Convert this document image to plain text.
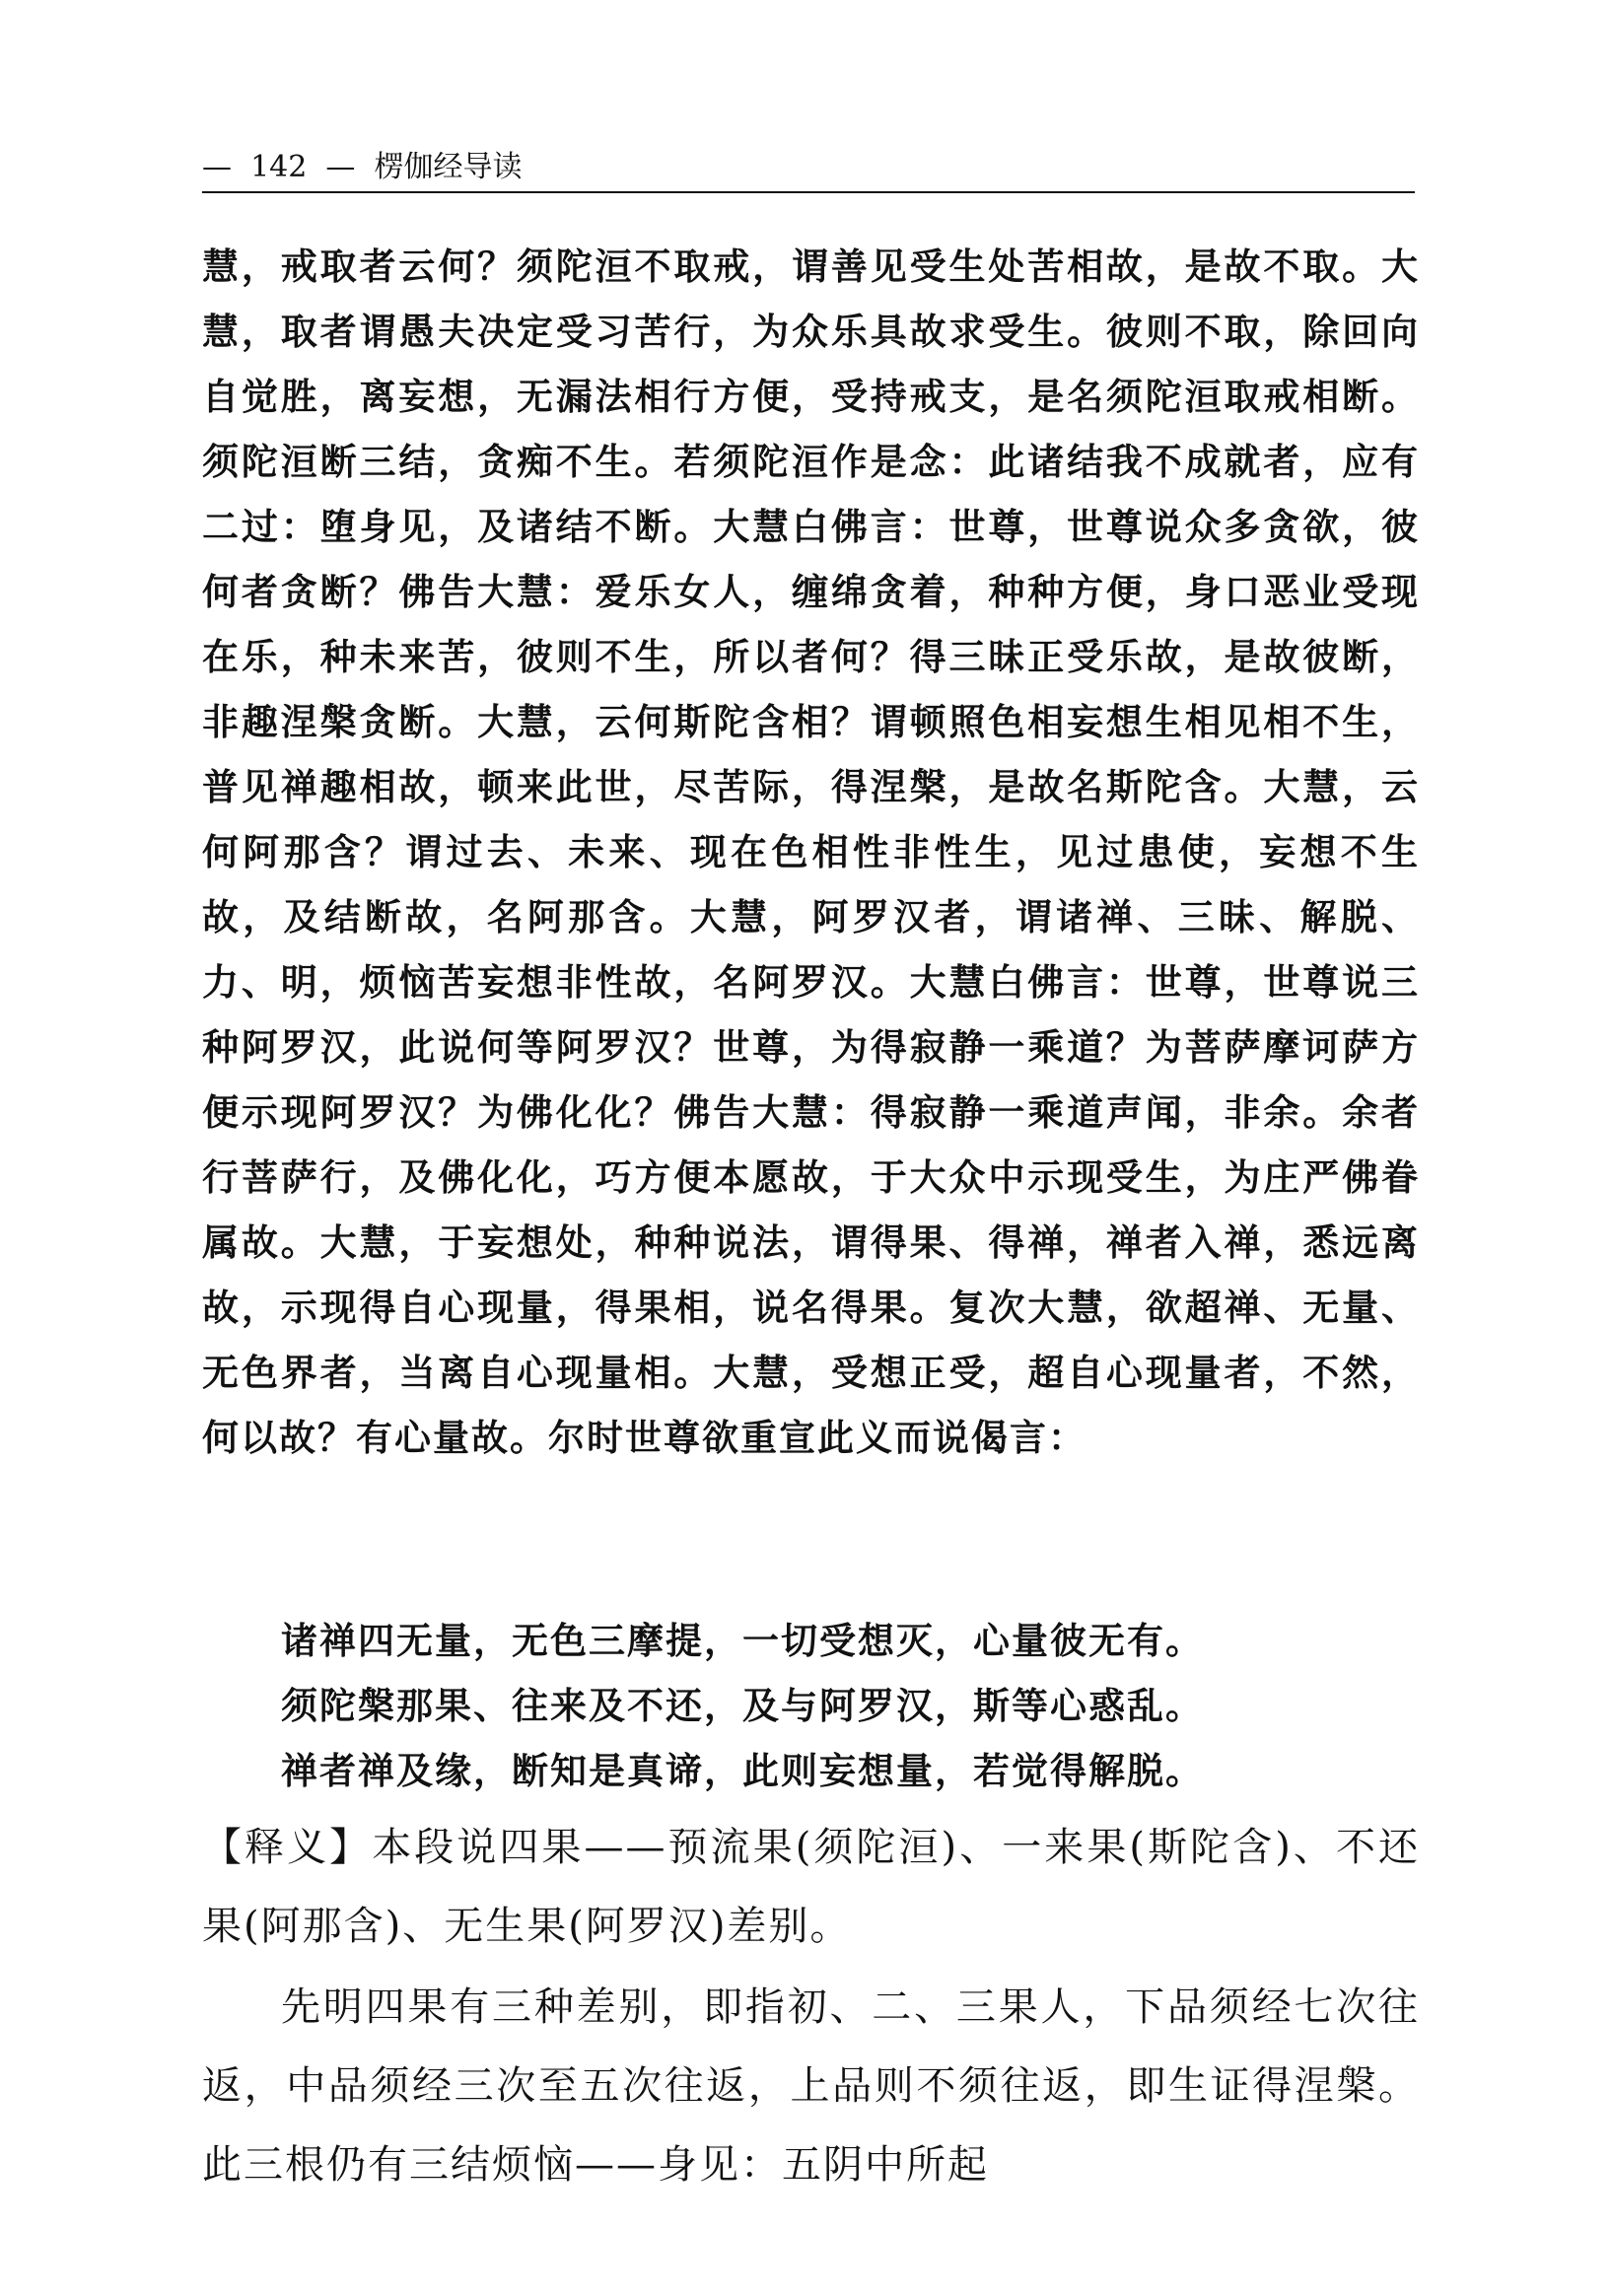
— 142 — 楞伽经导读

慧，戒取者云何？须陀洹不取戒，谓善见受生处苦相故，是故不取。大慧，取者谓愚夫决定受习苦行，为众乐具故求受生。彼则不取，除回向自觉胜，离妄想，无漏法相行方便，受持戒支，是名须陀洹取戒相断。须陀洹断三结，贪痴不生。若须陀洹作是念：此诸结我不成就者，应有二过：堕身见，及诸结不断。大慧白佛言：世尊，世尊说众多贪欲，彼何者贪断？佛告大慧：爱乐女人，缠绵贪着，种种方便，身口恶业受现在乐，种未来苦，彼则不生，所以者何？得三昧正受乐故，是故彼断，非趣涅槃贪断。大慧，云何斯陀含相？谓顿照色相妄想生相见相不生，普见禅趣相故，顿来此世，尽苦际，得涅槃，是故名斯陀含。大慧，云何阿那含？谓过去、未来、现在色相性非性生，见过患使，妄想不生故，及结断故，名阿那含。大慧，阿罗汉者，谓诸禅、三昧、解脱、力、明，烦恼苦妄想非性故，名阿罗汉。大慧白佛言：世尊，世尊说三种阿罗汉，此说何等阿罗汉？世尊，为得寂静一乘道？为菩萨摩诃萨方便示现阿罗汉？为佛化化？佛告大慧：得寂静一乘道声闻，非余。余者行菩萨行，及佛化化，巧方便本愿故，于大众中示现受生，为庄严佛眷属故。大慧，于妄想处，种种说法，谓得果、得禅，禅者入禅，悉远离故，示现得自心现量，得果相，说名得果。复次大慧，欲超禅、无量、无色界者，当离自心现量相。大慧，受想正受，超自心现量者，不然，何以故？有心量故。尔时世尊欲重宣此义而说偈言：

诸禅四无量，无色三摩提，一切受想灭，心量彼无有。

须陀槃那果、往来及不还，及与阿罗汉，斯等心惑乱。

禅者禅及缘，断知是真谛，此则妄想量，若觉得解脱。

【释义】本段说四果——预流果(须陀洹)、一来果(斯陀含)、不还果(阿那含)、无生果(阿罗汉)差别。

先明四果有三种差别，即指初、二、三果人，下品须经七次往返，中品须经三次至五次往返，上品则不须往返，即生证得涅槃。此三根仍有三结烦恼——身见：五阴中所起
